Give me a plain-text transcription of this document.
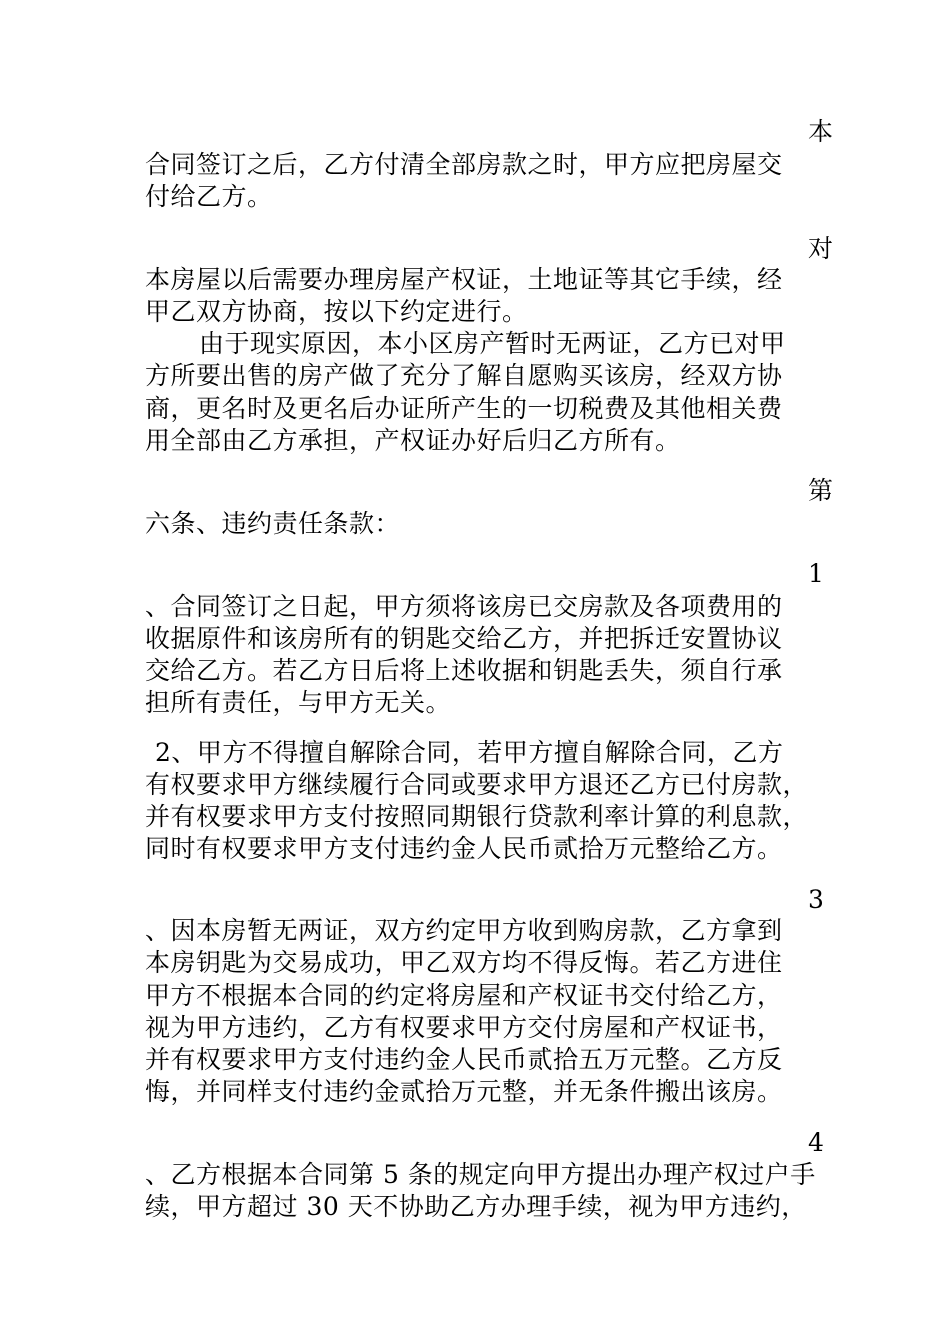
本
合同签订之后，乙方付清全部房款之时，甲方应把房屋交
付给乙方。
对
本房屋以后需要办理房屋产权证，土地证等其它手续，经
甲乙双方协商，按以下约定进行。
由于现实原因，本小区房产暂时无两证，乙方已对甲
方所要出售的房产做了充分了解自愿购买该房，经双方协
商，更名时及更名后办证所产生的一切税费及其他相关费
用全部由乙方承担，产权证办好后归乙方所有。
第
六条、违约责任条款：
1
、合同签订之日起，甲方须将该房已交房款及各项费用的
收据原件和该房所有的钥匙交给乙方，并把拆迁安置协议
交给乙方。若乙方日后将上述收据和钥匙丢失，须自行承
担所有责任，与甲方无关。
2、甲方不得擅自解除合同，若甲方擅自解除合同，乙方
有权要求甲方继续履行合同或要求甲方退还乙方已付房款，
并有权要求甲方支付按照同期银行贷款利率计算的利息款，
同时有权要求甲方支付违约金人民币贰拾万元整给乙方。
3
、因本房暂无两证，双方约定甲方收到购房款，乙方拿到
本房钥匙为交易成功，甲乙双方均不得反悔。若乙方进住
甲方不根据本合同的约定将房屋和产权证书交付给乙方，
视为甲方违约，乙方有权要求甲方交付房屋和产权证书，
并有权要求甲方支付违约金人民币贰拾五万元整。乙方反
悔，并同样支付违约金贰拾万元整，并无条件搬出该房。
4
、乙方根据本合同第 5 条的规定向甲方提出办理产权过户手
续，甲方超过 30 天不协助乙方办理手续，视为甲方违约，
